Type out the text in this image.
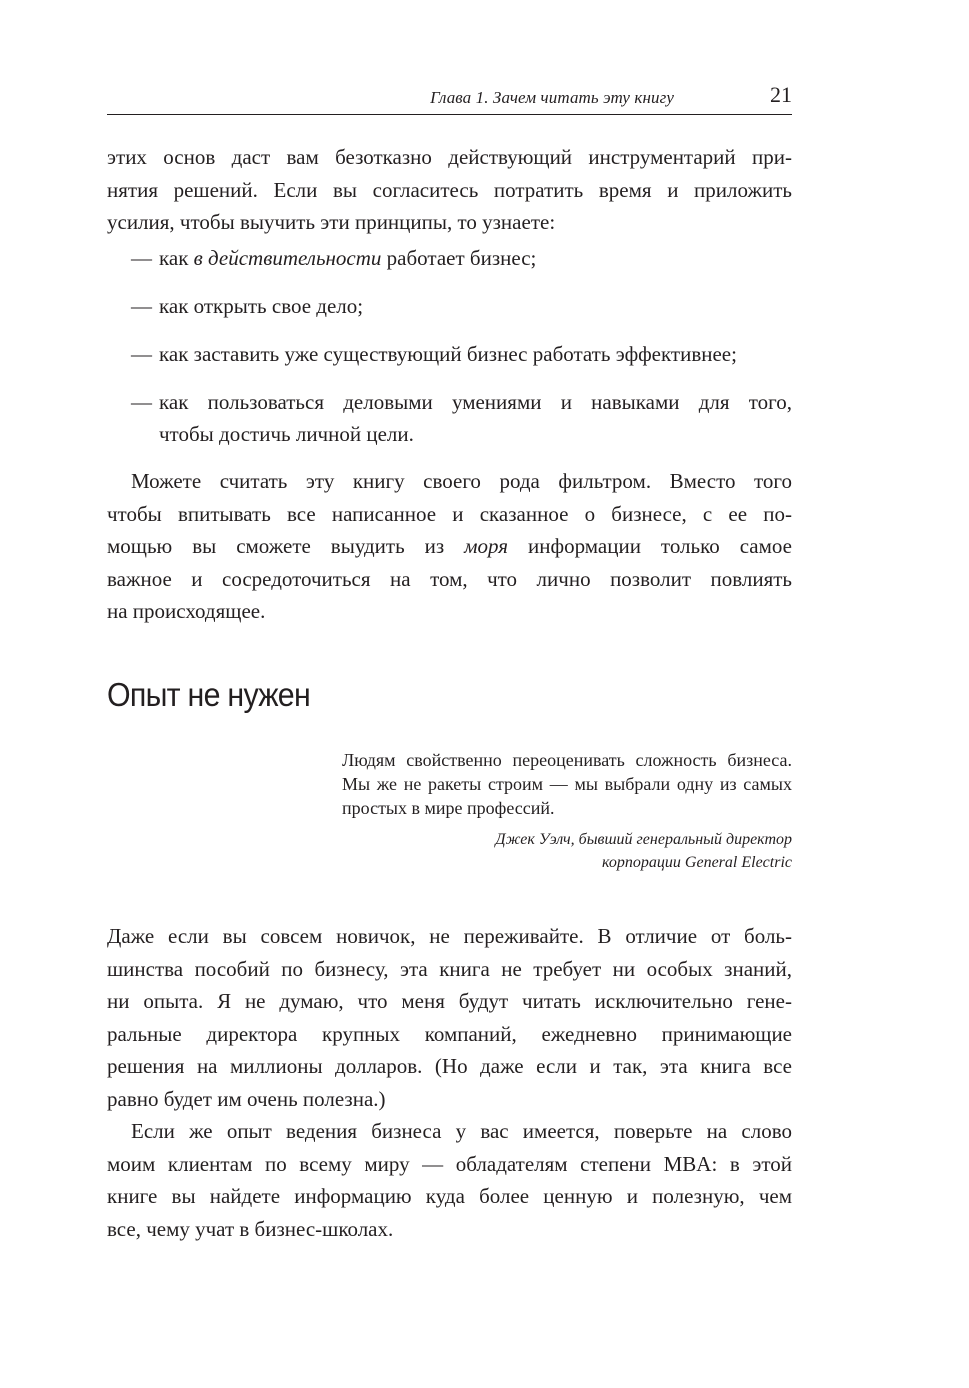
Глава 1. Зачем читать эту книгу	21
этих основ даст вам безотказно действующий инструментарий при-
нятия решений. Если вы согласитесь потратить время и приложить
усилия, чтобы выучить эти принципы, то узнаете:
— как в действительности работает бизнес;
— как открыть свое дело;
— как заставить уже существующий бизнес работать эффективнее;
— как пользоваться деловыми умениями и навыками для того,
чтобы достичь личной цели.
Можете считать эту книгу своего рода фильтром. Вместо того
чтобы впитывать все написанное и сказанное о бизнесе, с ее по-
мощью вы сможете выудить из моря информации только самое
важное и сосредоточиться на том, что лично позволит повлиять
на происходящее.
Опыт не нужен
Людям свойственно переоценивать сложность бизнеса.
Мы же не ракеты строим — мы выбрали одну из самых
простых в мире профессий.
Джек Уэлч, бывший генеральный директор
корпорации General Electric
Даже если вы совсем новичок, не переживайте. В отличие от боль-
шинства пособий по бизнесу, эта книга не требует ни особых знаний,
ни опыта. Я не думаю, что меня будут читать исключительно гене-
ральные директора крупных компаний, ежедневно принимающие
решения на миллионы долларов. (Но даже если и так, эта книга все
равно будет им очень полезна.)
Если же опыт ведения бизнеса у вас имеется, поверьте на слово
моим клиентам по всему миру — обладателям степени MBA: в этой
книге вы найдете информацию куда более ценную и полезную, чем
все, чему учат в бизнес-школах.
